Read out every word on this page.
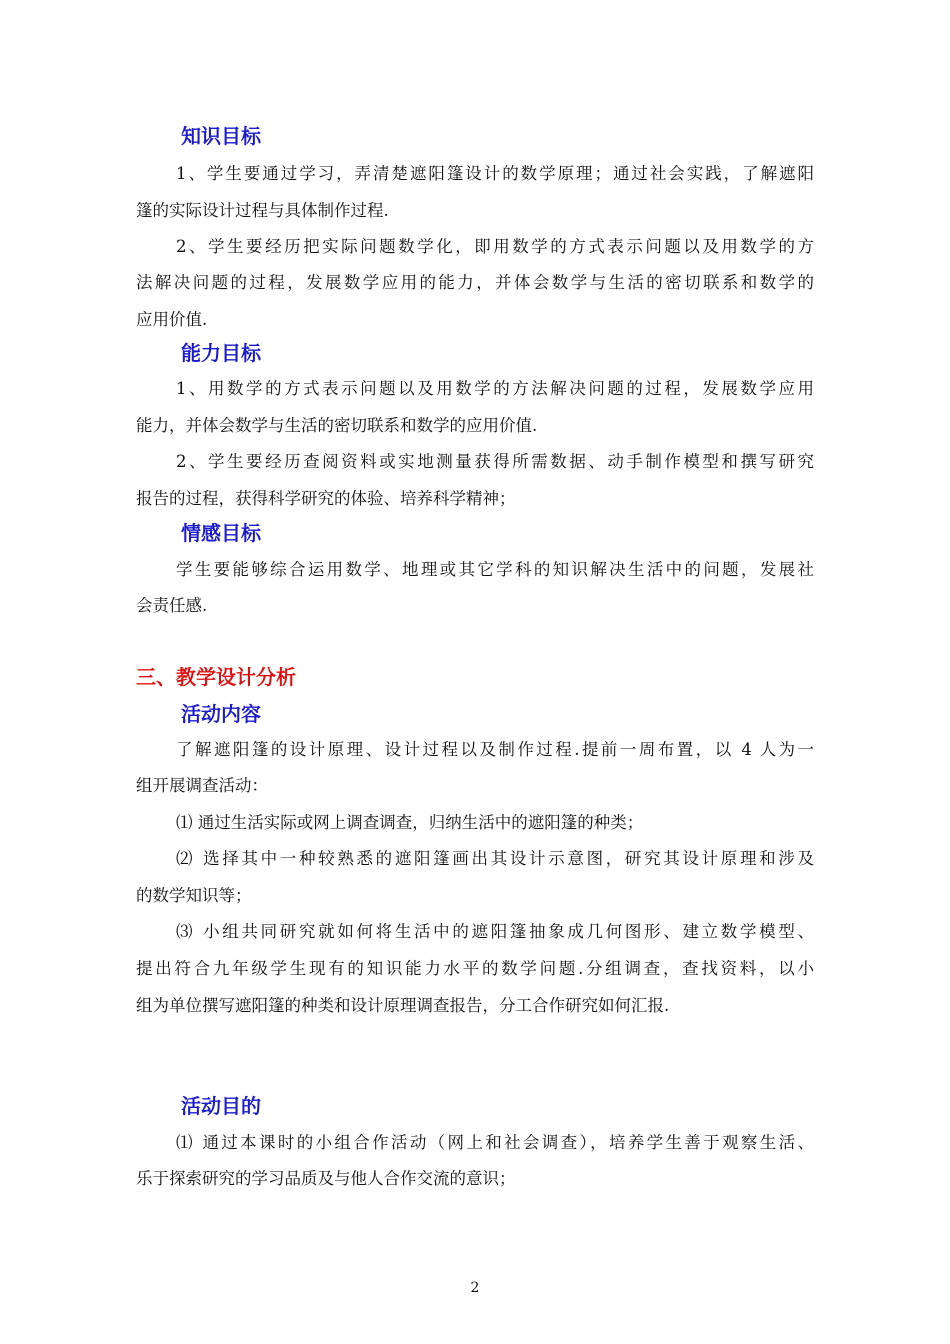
知识目标
1、学生要通过学习，弄清楚遮阳篷设计的数学原理；通过社会实践，了解遮阳
篷的实际设计过程与具体制作过程.
2、学生要经历把实际问题数学化，即用数学的方式表示问题以及用数学的方
法解决问题的过程，发展数学应用的能力，并体会数学与生活的密切联系和数学的
应用价值.
能力目标
1、用数学的方式表示问题以及用数学的方法解决问题的过程，发展数学应用
能力，并体会数学与生活的密切联系和数学的应用价值.
2、学生要经历查阅资料或实地测量获得所需数据、动手制作模型和撰写研究
报告的过程，获得科学研究的体验、培养科学精神；
情感目标
学生要能够综合运用数学、地理或其它学科的知识解决生活中的问题，发展社
会责任感.
三、教学设计分析
活动内容
了解遮阳篷的设计原理、设计过程以及制作过程.提前一周布置，以 4 人为一
组开展调查活动：
⑴ 通过生活实际或网上调查调查，归纳生活中的遮阳篷的种类；
⑵ 选择其中一种较熟悉的遮阳篷画出其设计示意图，研究其设计原理和涉及
的数学知识等；
⑶ 小组共同研究就如何将生活中的遮阳篷抽象成几何图形、建立数学模型、
提出符合九年级学生现有的知识能力水平的数学问题.分组调查，查找资料，以小
组为单位撰写遮阳篷的种类和设计原理调查报告，分工合作研究如何汇报.
活动目的
⑴ 通过本课时的小组合作活动（网上和社会调查），培养学生善于观察生活、
乐于探索研究的学习品质及与他人合作交流的意识；
2
